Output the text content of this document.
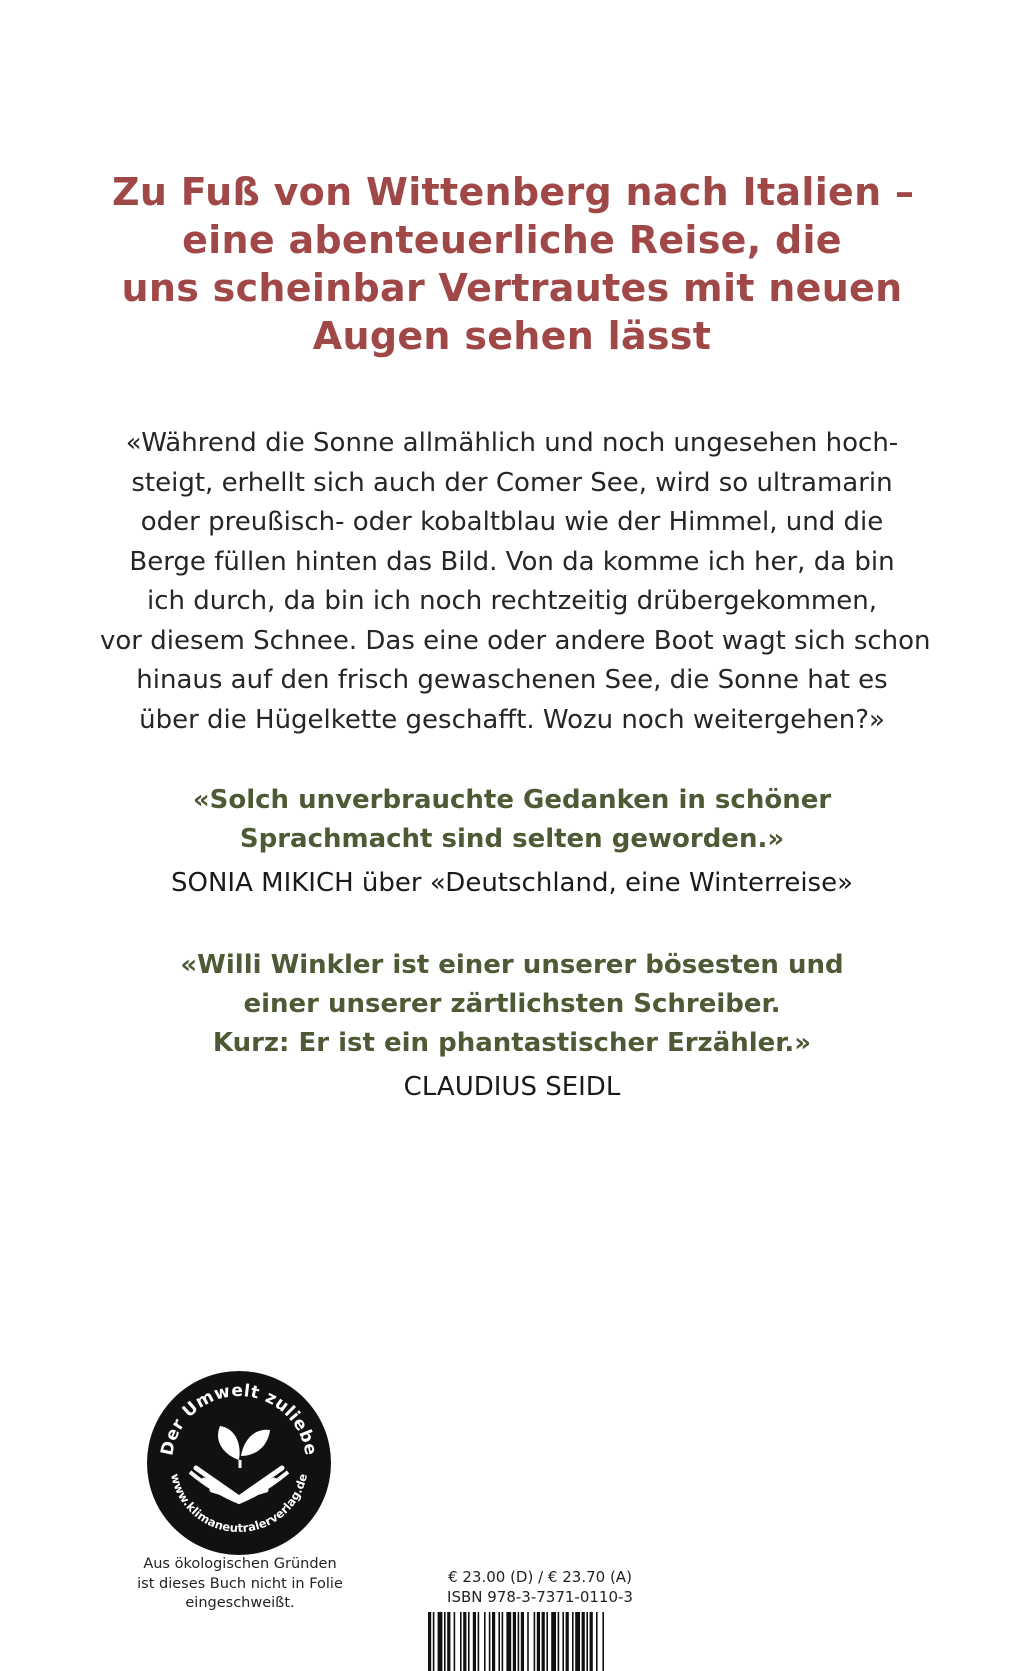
Zu Fuß von Wittenberg nach Italien –
eine abenteuerliche Reise, die
uns scheinbar Vertrautes mit neuen
Augen sehen lässt
«Während die Sonne allmählich und noch ungesehen hoch-
steigt, erhellt sich auch der Comer See, wird so ultramarin
oder preußisch- oder kobaltblau wie der Himmel, und die
Berge füllen hinten das Bild. Von da komme ich her, da bin
ich durch, da bin ich noch rechtzeitig drübergekommen,
vor diesem Schnee. Das eine oder andere Boot wagt sich schon
hinaus auf den frisch gewaschenen See, die Sonne hat es
über die Hügelkette geschafft. Wozu noch weitergehen?»
«Solch unverbrauchte Gedanken in schöner
Sprachmacht sind selten geworden.»
SONIA MIKICH über «Deutschland, eine Winterreise»
«Willi Winkler ist einer unserer bösesten und
einer unserer zärtlichsten Schreiber.
Kurz: Er ist ein phantastischer Erzähler.»
CLAUDIUS SEIDL
Der Umwelt zuliebe
www.klimaneutralerverlag.de
Aus ökologischen Gründen
ist dieses Buch nicht in Folie
eingeschweißt.
€ 23.00 (D) / € 23.70 (A)
ISBN 978-3-7371-0110-3
